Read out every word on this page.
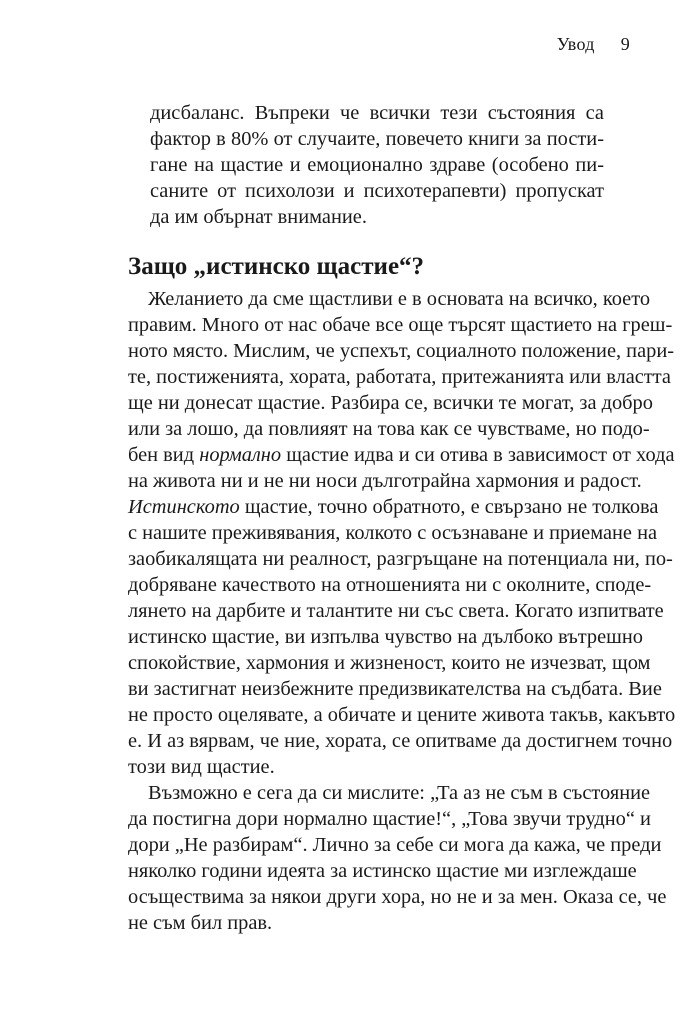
Увод 9
дисбаланс. Въпреки че всички тези състояния са
фактор в 80% от случаите, повечето книги за пости-
гане на щастие и емоционално здраве (особено пи-
саните от психолози и психотерапевти) пропускат
да им обърнат внимание.
Защо „истинско щастие“?
Желанието да сме щастливи е в основата на всичко, което
правим. Много от нас обаче все още търсят щастието на греш-
ното място. Мислим, че успехът, социалното положение, пари-
те, постиженията, хората, работата, притежанията или властта
ще ни донесат щастие. Разбира се, всички те могат, за добро
или за лошо, да повлияят на това как се чувстваме, но подо-
бен вид нормално щастие идва и си отива в зависимост от хода
на живота ни и не ни носи дълготрайна хармония и радост.
Истинското щастие, точно обратното, е свързано не толкова
с нашите преживявания, колкото с осъзнаване и приемане на
заобикалящата ни реалност, разгръщане на потенциала ни, по-
добряване качеството на отношенията ни с околните, споде-
лянето на дарбите и талантите ни със света. Когато изпитвате
истинско щастие, ви изпълва чувство на дълбоко вътрешно
спокойствие, хармония и жизненост, които не изчезват, щом
ви застигнат неизбежните предизвикателства на съдбата. Вие
не просто оцелявате, а обичате и цените живота такъв, какъвто
е. И аз вярвам, че ние, хората, се опитваме да достигнем точно
този вид щастие.
Възможно е сега да си мислите: „Та аз не съм в състояние
да постигна дори нормално щастие!“, „Това звучи трудно“ и
дори „Не разбирам“. Лично за себе си мога да кажа, че преди
няколко години идеята за истинско щастие ми изглеждаше
осъществима за някои други хора, но не и за мен. Оказа се, че
не съм бил прав.
